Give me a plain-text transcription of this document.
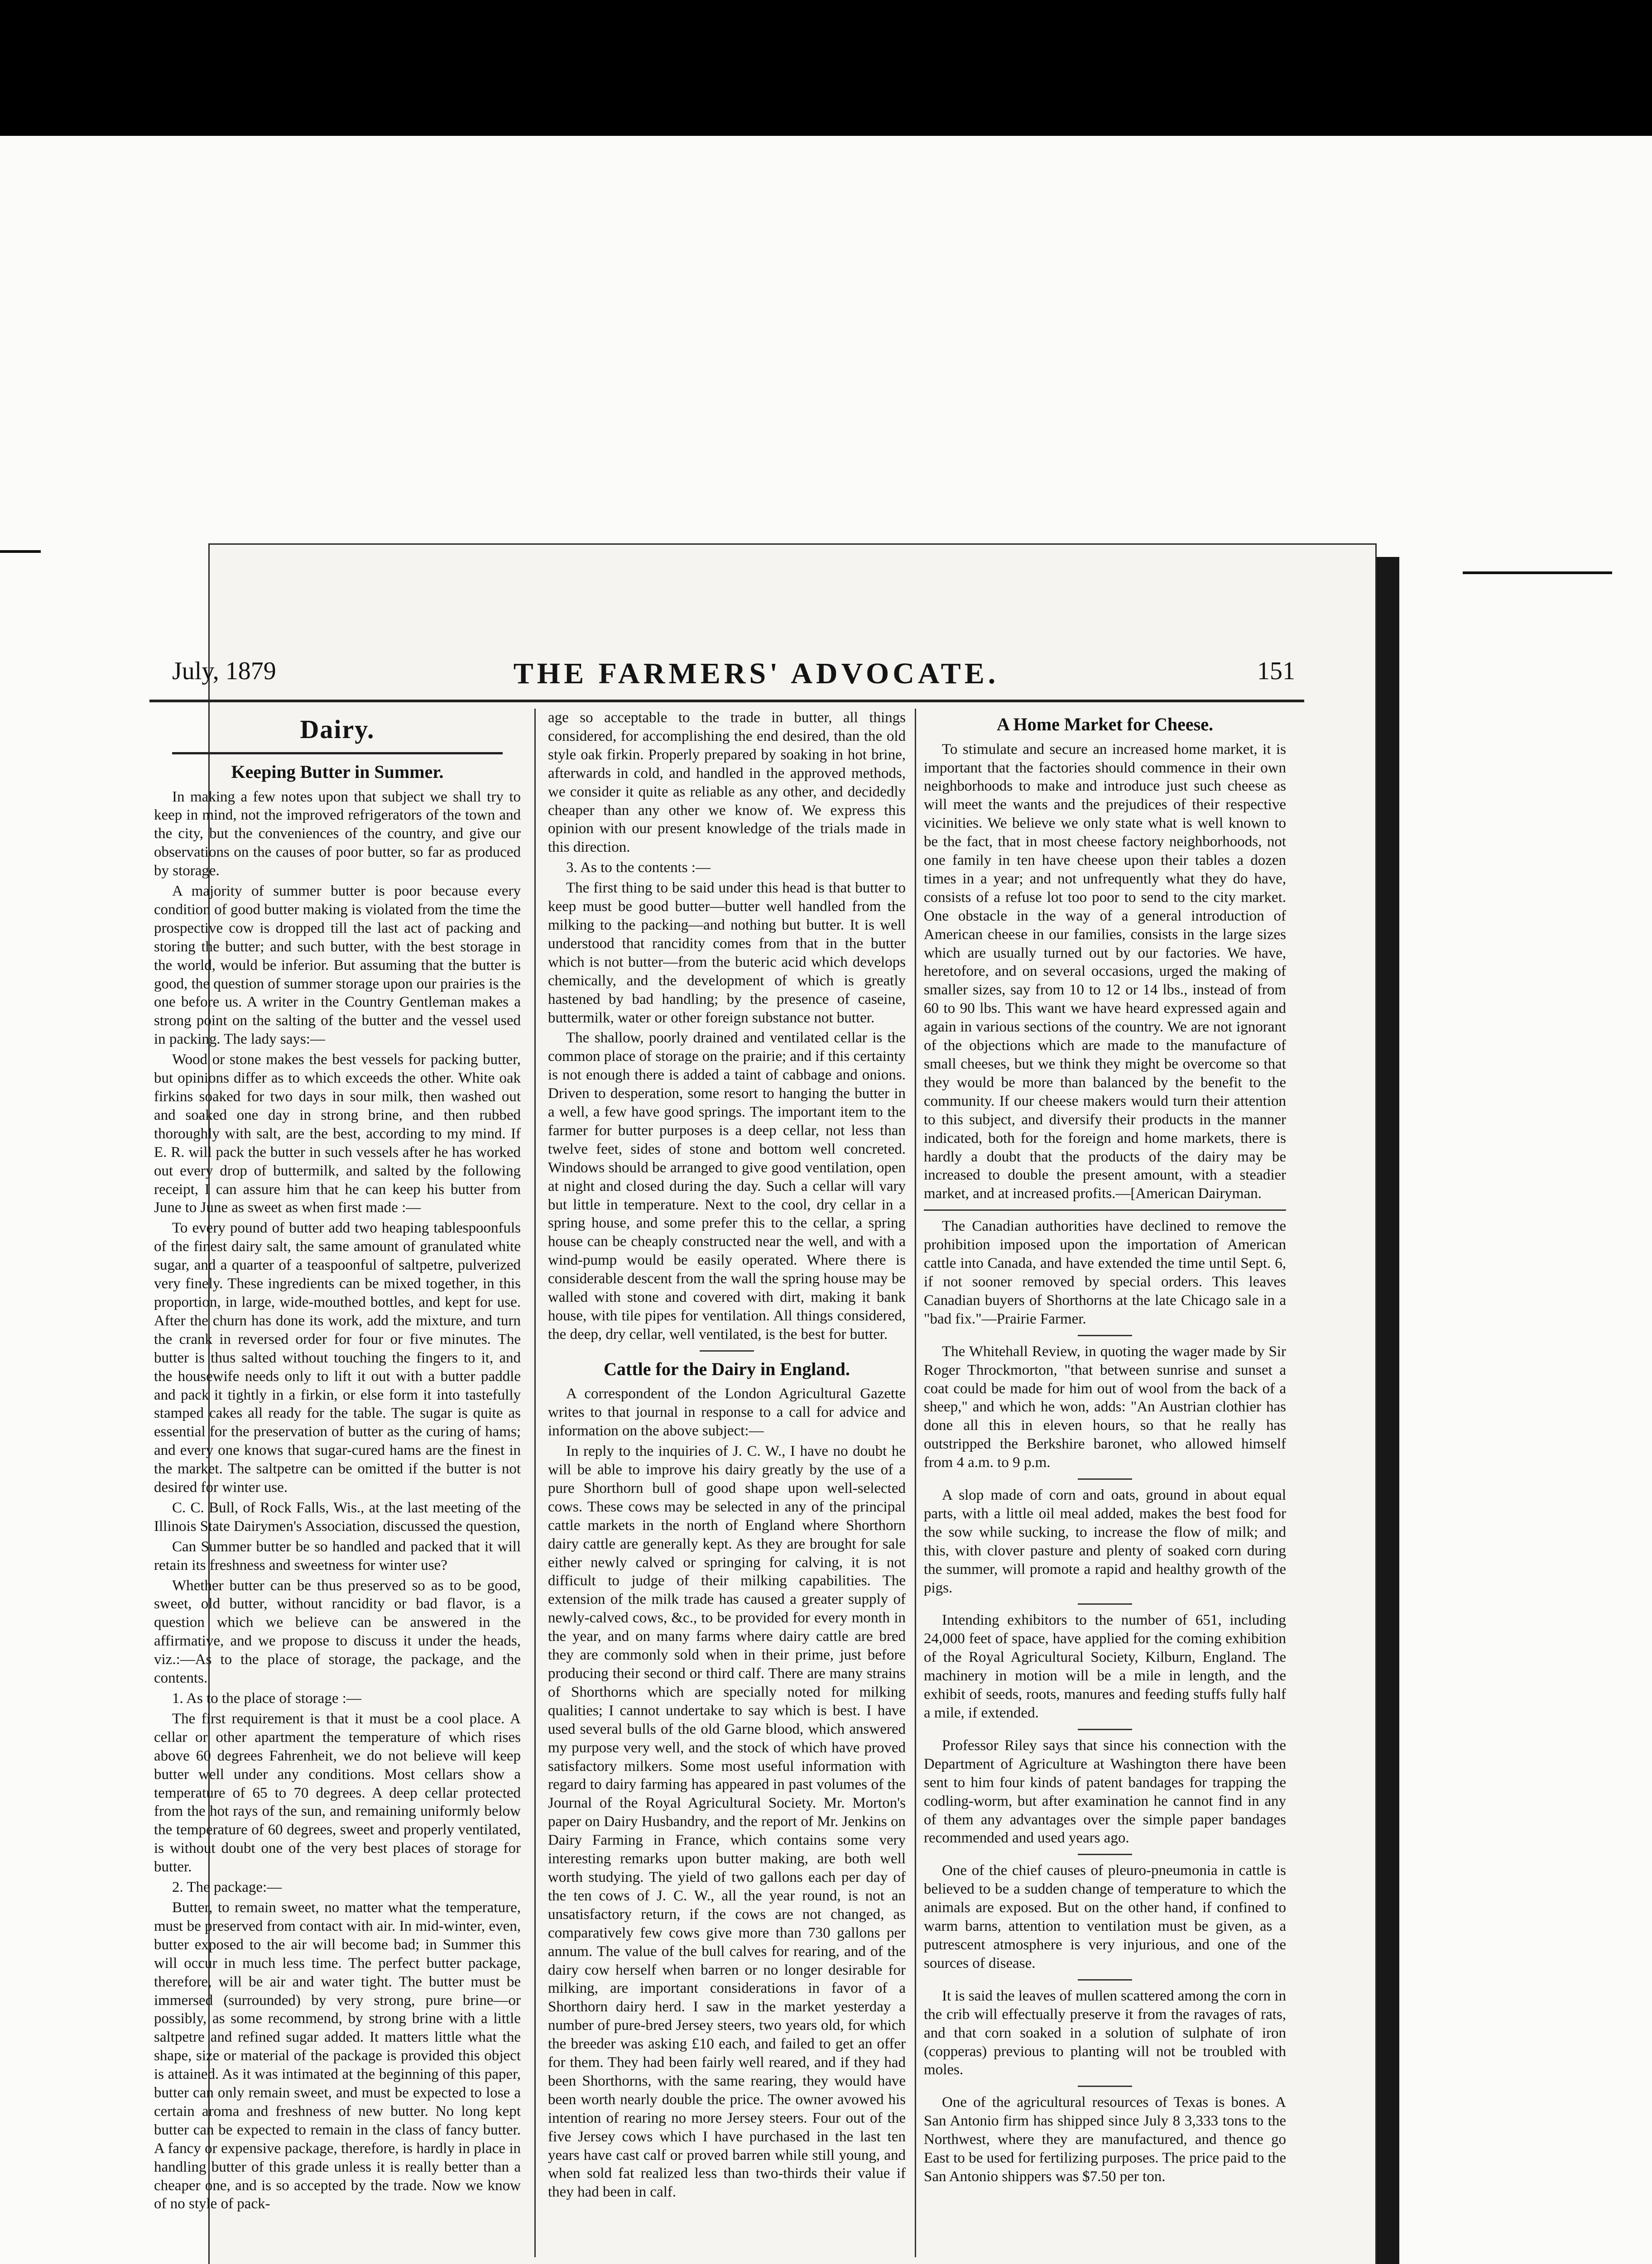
July, 1879	THE FARMERS' ADVOCATE.	151
Dairy.
Keeping Butter in Summer.

In making a few notes upon that subject we shall try to keep in mind, not the improved refrigerators of the town and the city, but the conveniences of the country, and give our observations on the causes of poor butter, so far as produced by storage.

A majority of summer butter is poor because every condition of good butter making is violated from the time the prospective cow is dropped till the last act of packing and storing the butter; and such butter, with the best storage in the world, would be inferior. But assuming that the butter is good, the question of summer storage upon our prairies is the one before us. A writer in the Country Gentleman makes a strong point on the salting of the butter and the vessel used in packing. The lady says:—

Wood or stone makes the best vessels for packing butter, but opinions differ as to which exceeds the other. White oak firkins soaked for two days in sour milk, then washed out and soaked one day in strong brine, and then rubbed thoroughly with salt, are the best, according to my mind. If E. R. will pack the butter in such vessels after he has worked out every drop of buttermilk, and salted by the following receipt, I can assure him that he can keep his butter from June to June as sweet as when first made :—

To every pound of butter add two heaping tablespoonfuls of the finest dairy salt, the same amount of granulated white sugar, and a quarter of a teaspoonful of saltpetre, pulverized very finely. These ingredients can be mixed together, in this proportion, in large, wide-mouthed bottles, and kept for use. After the churn has done its work, add the mixture, and turn the crank in reversed order for four or five minutes. The butter is thus salted without touching the fingers to it, and the housewife needs only to lift it out with a butter paddle and pack it tightly in a firkin, or else form it into tastefully stamped cakes all ready for the table. The sugar is quite as essential for the preservation of butter as the curing of hams; and every one knows that sugar-cured hams are the finest in the market. The saltpetre can be omitted if the butter is not desired for winter use.

C. C. Bull, of Rock Falls, Wis., at the last meeting of the Illinois State Dairymen's Association, discussed the question,

Can Summer butter be so handled and packed that it will retain its freshness and sweetness for winter use?

Whether butter can be thus preserved so as to be good, sweet, old butter, without rancidity or bad flavor, is a question which we believe can be answered in the affirmative, and we propose to discuss it under the heads, viz.:—As to the place of storage, the package, and the contents.

1. As to the place of storage :—

The first requirement is that it must be a cool place. A cellar or other apartment the temperature of which rises above 60 degrees Fahrenheit, we do not believe will keep butter well under any conditions. Most cellars show a temperature of 65 to 70 degrees. A deep cellar protected from the hot rays of the sun, and remaining uniformly below the temperature of 60 degrees, sweet and properly ventilated, is without doubt one of the very best places of storage for butter.

2. The package:—

Butter, to remain sweet, no matter what the temperature, must be preserved from contact with air. In mid-winter, even, butter exposed to the air will become bad; in Summer this will occur in much less time. The perfect butter package, therefore, will be air and water tight. The butter must be immersed (surrounded) by very strong, pure brine—or possibly, as some recommend, by strong brine with a little saltpetre and refined sugar added. It matters little what the shape, size or material of the package is provided this object is attained. As it was intimated at the beginning of this paper, butter can only remain sweet, and must be expected to lose a certain aroma and freshness of new butter. No long kept butter can be expected to remain in the class of fancy butter. A fancy or expensive package, therefore, is hardly in place in handling butter of this grade unless it is really better than a cheaper one, and is so accepted by the trade. Now we know of no style of pack-

age so acceptable to the trade in butter, all things considered, for accomplishing the end desired, than the old style oak firkin. Properly prepared by soaking in hot brine, afterwards in cold, and handled in the approved methods, we consider it quite as reliable as any other, and decidedly cheaper than any other we know of. We express this opinion with our present knowledge of the trials made in this direction.

3. As to the contents :—

The first thing to be said under this head is that butter to keep must be good butter—butter well handled from the milking to the packing—and nothing but butter. It is well understood that rancidity comes from that in the butter which is not butter—from the buteric acid which develops chemically, and the development of which is greatly hastened by bad handling; by the presence of caseine, buttermilk, water or other foreign substance not butter.

The shallow, poorly drained and ventilated cellar is the common place of storage on the prairie; and if this certainty is not enough there is added a taint of cabbage and onions. Driven to desperation, some resort to hanging the butter in a well, a few have good springs. The important item to the farmer for butter purposes is a deep cellar, not less than twelve feet, sides of stone and bottom well concreted. Windows should be arranged to give good ventilation, open at night and closed during the day. Such a cellar will vary but little in temperature. Next to the cool, dry cellar in a spring house, and some prefer this to the cellar, a spring house can be cheaply constructed near the well, and with a wind-pump would be easily operated. Where there is considerable descent from the wall the spring house may be walled with stone and covered with dirt, making it bank house, with tile pipes for ventilation. All things considered, the deep, dry cellar, well ventilated, is the best for butter.

Cattle for the Dairy in England.

A correspondent of the London Agricultural Gazette writes to that journal in response to a call for advice and information on the above subject:—

In reply to the inquiries of J. C. W., I have no doubt he will be able to improve his dairy greatly by the use of a pure Shorthorn bull of good shape upon well-selected cows. These cows may be selected in any of the principal cattle markets in the north of England where Shorthorn dairy cattle are generally kept. As they are brought for sale either newly calved or springing for calving, it is not difficult to judge of their milking capabilities. The extension of the milk trade has caused a greater supply of newly-calved cows, &c., to be provided for every month in the year, and on many farms where dairy cattle are bred they are commonly sold when in their prime, just before producing their second or third calf. There are many strains of Shorthorns which are specially noted for milking qualities; I cannot undertake to say which is best. I have used several bulls of the old Garne blood, which answered my purpose very well, and the stock of which have proved satisfactory milkers. Some most useful information with regard to dairy farming has appeared in past volumes of the Journal of the Royal Agricultural Society. Mr. Morton's paper on Dairy Husbandry, and the report of Mr. Jenkins on Dairy Farming in France, which contains some very interesting remarks upon butter making, are both well worth studying. The yield of two gallons each per day of the ten cows of J. C. W., all the year round, is not an unsatisfactory return, if the cows are not changed, as comparatively few cows give more than 730 gallons per annum. The value of the bull calves for rearing, and of the dairy cow herself when barren or no longer desirable for milking, are important considerations in favor of a Shorthorn dairy herd. I saw in the market yesterday a number of pure-bred Jersey steers, two years old, for which the breeder was asking £10 each, and failed to get an offer for them. They had been fairly well reared, and if they had been Shorthorns, with the same rearing, they would have been worth nearly double the price. The owner avowed his intention of rearing no more Jersey steers. Four out of the five Jersey cows which I have purchased in the last ten years have cast calf or proved barren while still young, and when sold fat realized less than two-thirds their value if they had been in calf.

A Home Market for Cheese.

To stimulate and secure an increased home market, it is important that the factories should commence in their own neighborhoods to make and introduce just such cheese as will meet the wants and the prejudices of their respective vicinities. We believe we only state what is well known to be the fact, that in most cheese factory neighborhoods, not one family in ten have cheese upon their tables a dozen times in a year; and not unfrequently what they do have, consists of a refuse lot too poor to send to the city market. One obstacle in the way of a general introduction of American cheese in our families, consists in the large sizes which are usually turned out by our factories. We have, heretofore, and on several occasions, urged the making of smaller sizes, say from 10 to 12 or 14 lbs., instead of from 60 to 90 lbs. This want we have heard expressed again and again in various sections of the country. We are not ignorant of the objections which are made to the manufacture of small cheeses, but we think they might be overcome so that they would be more than balanced by the benefit to the community. If our cheese makers would turn their attention to this subject, and diversify their products in the manner indicated, both for the foreign and home markets, there is hardly a doubt that the products of the dairy may be increased to double the present amount, with a steadier market, and at increased profits.—[American Dairyman.

The Canadian authorities have declined to remove the prohibition imposed upon the importation of American cattle into Canada, and have extended the time until Sept. 6, if not sooner removed by special orders. This leaves Canadian buyers of Shorthorns at the late Chicago sale in a "bad fix."—Prairie Farmer.

The Whitehall Review, in quoting the wager made by Sir Roger Throckmorton, "that between sunrise and sunset a coat could be made for him out of wool from the back of a sheep," and which he won, adds: "An Austrian clothier has done all this in eleven hours, so that he really has outstripped the Berkshire baronet, who allowed himself from 4 a.m. to 9 p.m.

A slop made of corn and oats, ground in about equal parts, with a little oil meal added, makes the best food for the sow while sucking, to increase the flow of milk; and this, with clover pasture and plenty of soaked corn during the summer, will promote a rapid and healthy growth of the pigs.

Intending exhibitors to the number of 651, including 24,000 feet of space, have applied for the coming exhibition of the Royal Agricultural Society, Kilburn, England. The machinery in motion will be a mile in length, and the exhibit of seeds, roots, manures and feeding stuffs fully half a mile, if extended.

Professor Riley says that since his connection with the Department of Agriculture at Washington there have been sent to him four kinds of patent bandages for trapping the codling-worm, but after examination he cannot find in any of them any advantages over the simple paper bandages recommended and used years ago.

One of the chief causes of pleuro-pneumonia in cattle is believed to be a sudden change of temperature to which the animals are exposed. But on the other hand, if confined to warm barns, attention to ventilation must be given, as a putrescent atmosphere is very injurious, and one of the sources of disease.

It is said the leaves of mullen scattered among the corn in the crib will effectually preserve it from the ravages of rats, and that corn soaked in a solution of sulphate of iron (copperas) previous to planting will not be troubled with moles.

One of the agricultural resources of Texas is bones. A San Antonio firm has shipped since July 8 3,333 tons to the Northwest, where they are manufactured, and thence go East to be used for fertilizing purposes. The price paid to the San Antonio shippers was $7.50 per ton.
